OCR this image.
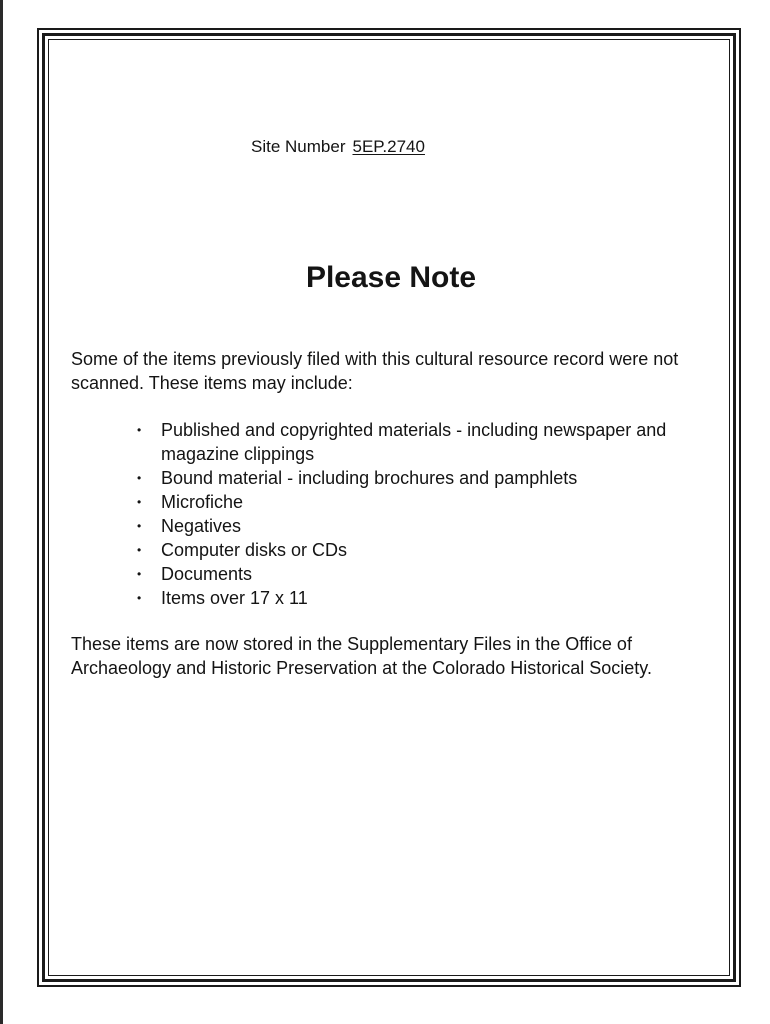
Site Number 5EP.2740
Please Note

Some of the items previously filed with this cultural resource record were not scanned. These items may include:

• Published and copyrighted materials - including newspaper and magazine clippings
• Bound material - including brochures and pamphlets
• Microfiche
• Negatives
• Computer disks or CDs
• Documents
• Items over 17 x 11

These items are now stored in the Supplementary Files in the Office of Archaeology and Historic Preservation at the Colorado Historical Society.
